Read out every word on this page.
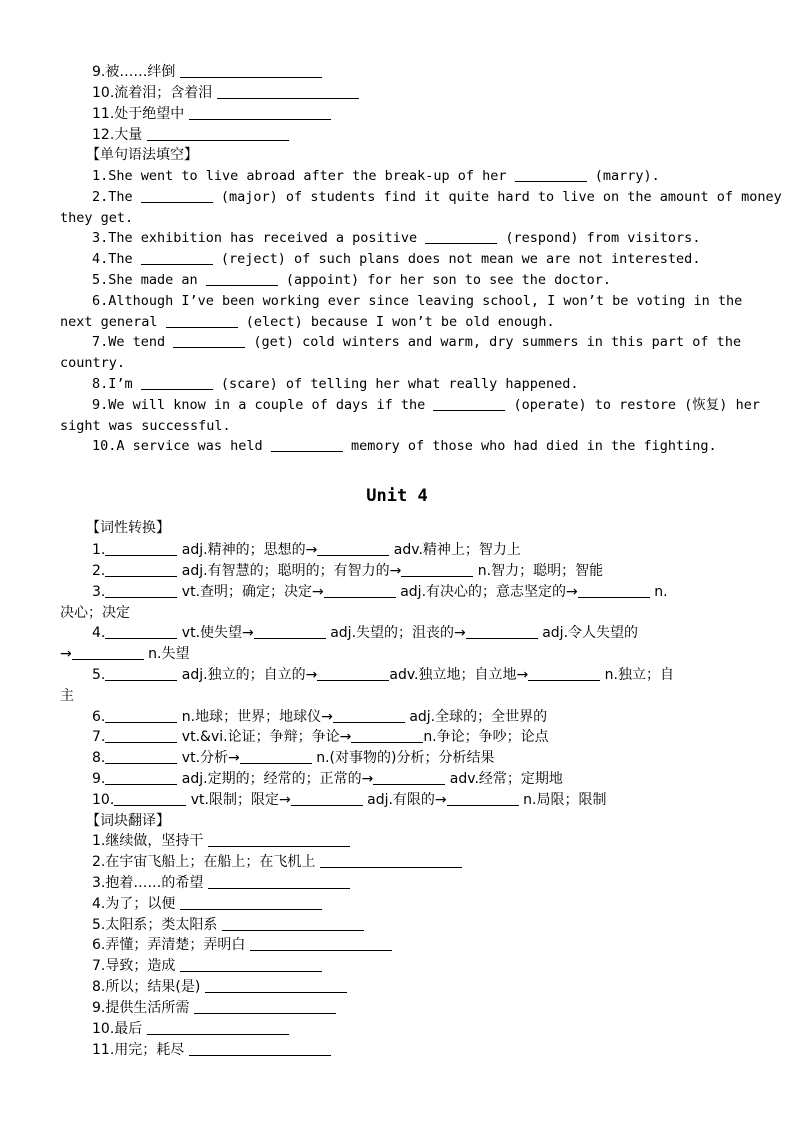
9.被……绊倒
10.流着泪；含着泪
11.处于绝望中
12.大量
【单句语法填空】
1.She went to live abroad after the break-up of her	(marry).
2.The	(major) of students find it quite hard to live on the amount of money
they get.
3.The exhibition has received a positive	(respond) from visitors.
4.The	(reject) of such plans does not mean we are not interested.
5.She made an	(appoint) for her son to see the doctor.
6.Although I’ve been working ever since leaving school, I won’t be voting in the
next general	(elect) because I won’t be old enough.
7.We tend	(get) cold winters and warm, dry summers in this part of the
country.
8.I’m	(scare) of telling her what really happened.
9.We will know in a couple of days if the	(operate) to restore (恢复) her
sight was successful.
10.A service was held	memory of those who had died in the fighting.
Unit 4
【词性转换】
1.	adj.精神的；思想的→	adv.精神上；智力上
2.	adj.有智慧的；聪明的；有智力的→	n.智力；聪明；智能
3.	vt.查明；确定；决定→	adj.有决心的；意志坚定的→	n.
决心；决定
4.	vt.使失望→	adj.失望的；沮丧的→	adj.令人失望的
→	n.失望
5.	adj.独立的；自立的→	adv.独立地；自立地→	n.独立；自
主
6.	n.地球；世界；地球仪→	adj.全球的；全世界的
7.	vt.&vi.论证；争辩；争论→	n.争论；争吵；论点
8.	vt.分析→	n.(对事物的)分析；分析结果
9.	adj.定期的；经常的；正常的→	adv.经常；定期地
10.	vt.限制；限定→	adj.有限的→	n.局限；限制
【词块翻译】
1.继续做，坚持干
2.在宇宙飞船上；在船上；在飞机上
3.抱着……的希望
4.为了；以便
5.太阳系；类太阳系
6.弄懂；弄清楚；弄明白
7.导致；造成
8.所以；结果(是)
9.提供生活所需
10.最后
11.用完；耗尽
